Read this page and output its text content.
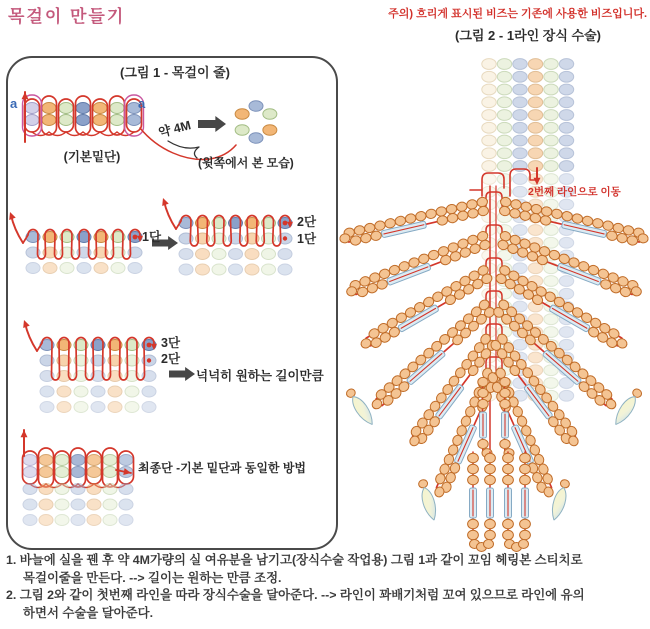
목걸이 만들기	주의) 흐리게 표시된 비즈는 기존에 사용한 비즈입니다.
(그림 2 - 1라인 장식 수술)
(그림 1 - 목걸이 줄)
a	a
(기본밑단)
약 4M
(윗쪽에서 본 모습)
1단
2단
1단
3단
2단
넉넉히 원하는 길이만큼
최종단 -기본 밑단과 동일한 방법
2번째 라인으로 이동
1. 바늘에 실을 꿴 후 약 4M가량의 실 여유분을 남기고(장식수술 작업용) 그림 1과 같이 꼬임 헤링본 스티치로
목걸이줄을 만든다. --> 길이는 원하는 만큼 조정.
2. 그림 2와 같이 첫번째 라인을 따라 장식수술을 달아준다. --> 라인이 꽈배기처럼 꼬여 있으므로 라인에 유의
하면서 수술을 달아준다.
